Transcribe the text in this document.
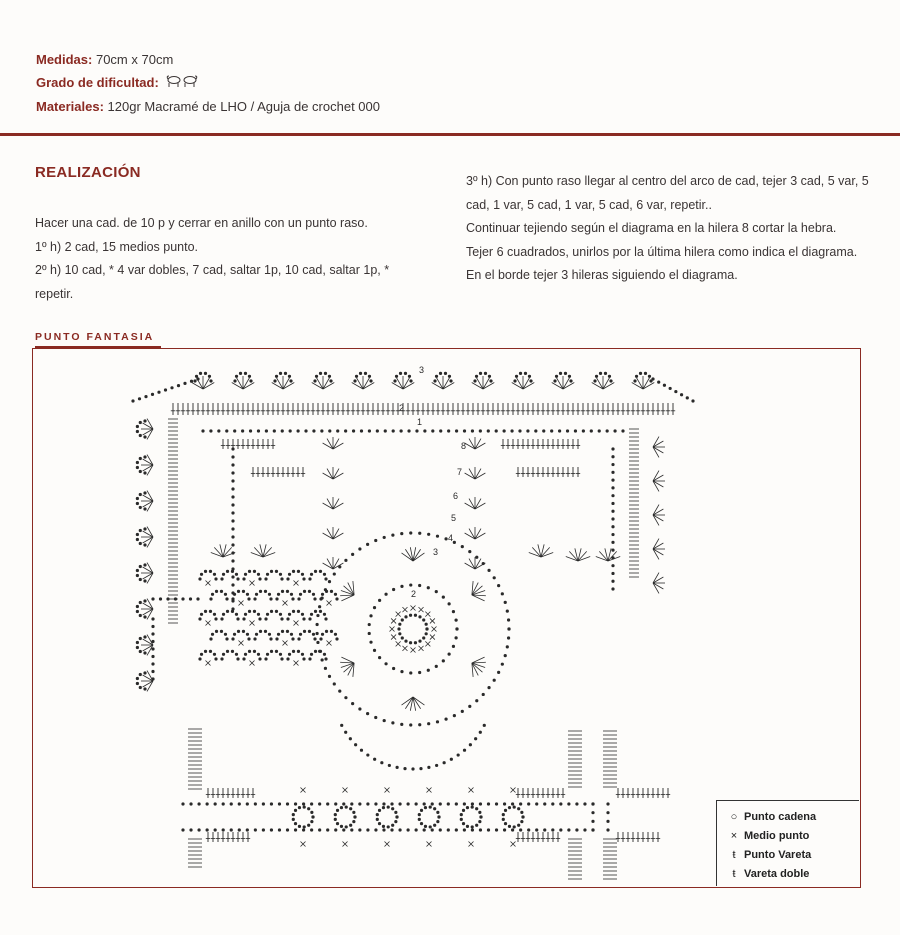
Medidas: 70cm x 70cm
Grado de dificultad:
Materiales: 120gr Macramé de LHO / Aguja de crochet 000
REALIZACIÓN

Hacer una cad. de 10 p y cerrar en anillo con un punto raso.

1º h) 2 cad, 15 medios punto.

2º h) 10 cad, * 4 var dobles, 7 cad, saltar 1p, 10 cad, saltar 1p, * repetir.

3º h) Con punto raso llegar al centro del arco de cad, tejer 3 cad, 5 var, 5 cad, 1 var, 5 cad, 1 var, 5 cad, 6 var, repetir..

Continuar tejiendo según el diagrama en la hilera 8 cortar la hebra.

Tejer 6 cuadrados, unirlos por la última hilera como indica el diagrama.

En el borde tejer 3 hileras siguiendo el diagrama.

PUNTO FANTASIA
3
2
8
7
6
5
4
3
2
1
○ Punto cadena
× Medio punto
ŧ Punto Vareta
ŧ Vareta doble
